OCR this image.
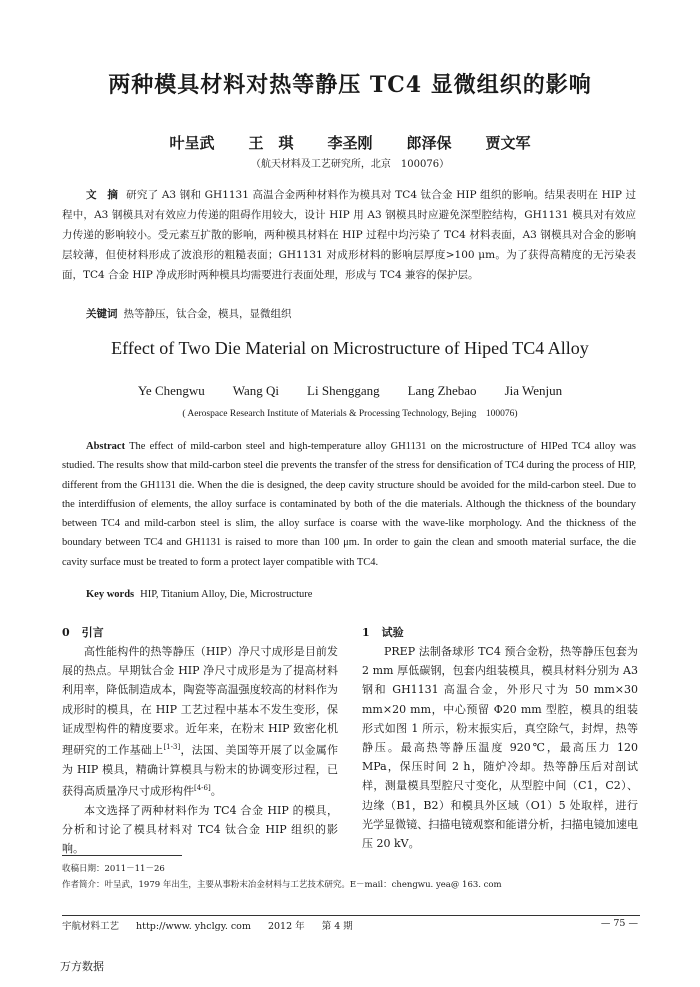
两种模具材料对热等静压 TC4 显微组织的影响
叶呈武 王　琪 李圣刚 郎泽保 贾文军
（航天材料及工艺研究所，北京　100076）
文　摘 研究了 A3 钢和 GH1131 高温合金两种材料作为模具对 TC4 钛合金 HIP 组织的影响。结果表明在 HIP 过程中，A3 钢模具对有效应力传递的阻碍作用较大，设计 HIP 用 A3 钢模具时应避免深型腔结构，GH1131 模具对有效应力传递的影响较小。受元素互扩散的影响，两种模具材料在 HIP 过程中均污染了 TC4 材料表面，A3 钢模具对合金的影响层较薄，但使材料形成了波浪形的粗糙表面；GH1131 对成形材料的影响层厚度>100 μm。为了获得高精度的无污染表面，TC4 合金 HIP 净成形时两种模具均需要进行表面处理，形成与 TC4 兼容的保护层。
关键词 热等静压，钛合金，模具，显微组织
Effect of Two Die Material on Microstructure of Hiped TC4 Alloy
Ye Chengwu Wang Qi Li Shenggang Lang Zhebao Jia Wenjun
( Aerospace Research Institute of Materials & Processing Technology, Bejing　100076)
Abstract The effect of mild-carbon steel and high-temperature alloy GH1131 on the microstructure of HIPed TC4 alloy was studied. The results show that mild-carbon steel die prevents the transfer of the stress for densification of TC4 during the process of HIP, different from the GH1131 die. When the die is designed, the deep cavity structure should be avoided for the mild-carbon steel. Due to the interdiffusion of elements, the alloy surface is contaminated by both of the die materials. Although the thickness of the boundary between TC4 and mild-carbon steel is slim, the alloy surface is coarse with the wave-like morphology. And the thickness of the boundary between TC4 and GH1131 is raised to more than 100 μm. In order to gain the clean and smooth material surface, the die cavity surface must be treated to form a protect layer compatible with TC4.
Key words HIP, Titanium Alloy, Die, Microstructure
0 引言

高性能构件的热等静压（HIP）净尺寸成形是目前发展的热点。早期钛合金 HIP 净尺寸成形是为了提高材料利用率，降低制造成本，陶瓷等高温强度较高的材料作为成形时的模具，在 HIP 工艺过程中基本不发生变形，保证成型构件的精度要求。近年来，在粉末 HIP 致密化机理研究的工作基础上[1-3]，法国、美国等开展了以金属作为 HIP 模具，精确计算模具与粉末的协调变形过程，已获得高质量净尺寸成形构件[4-6]。

本文选择了两种材料作为 TC4 合金 HIP 的模具，分析和讨论了模具材料对 TC4 钛合金 HIP 组织的影响。

1 试验

PREP 法制备球形 TC4 预合金粉，热等静压包套为 2 mm 厚低碳钢，包套内组装模具，模具材料分别为 A3 钢和 GH1131 高温合金，外形尺寸为 50 mm×30 mm×20 mm，中心预留 Φ20 mm 型腔，模具的组装形式如图 1 所示，粉末振实后，真空除气，封焊，热等静压。最高热等静压温度 920℃，最高压力 120 MPa，保压时间 2 h，随炉冷却。热等静压后对剖试样，测量模具型腔尺寸变化，从型腔中间（C1，C2）、边缘（B1，B2）和模具外区域（O1）5 处取样，进行光学显微镜、扫描电镜观察和能谱分析，扫描电镜加速电压 20 kV。

收稿日期：2011－11－26
作者简介：叶呈武，1979 年出生，主要从事粉末冶金材料与工艺技术研究。E－mail：chengwu. yea@ 163. com
宇航材料工艺 http://www. yhclgy. com 2012 年 第 4 期	— 75 —
万方数据
